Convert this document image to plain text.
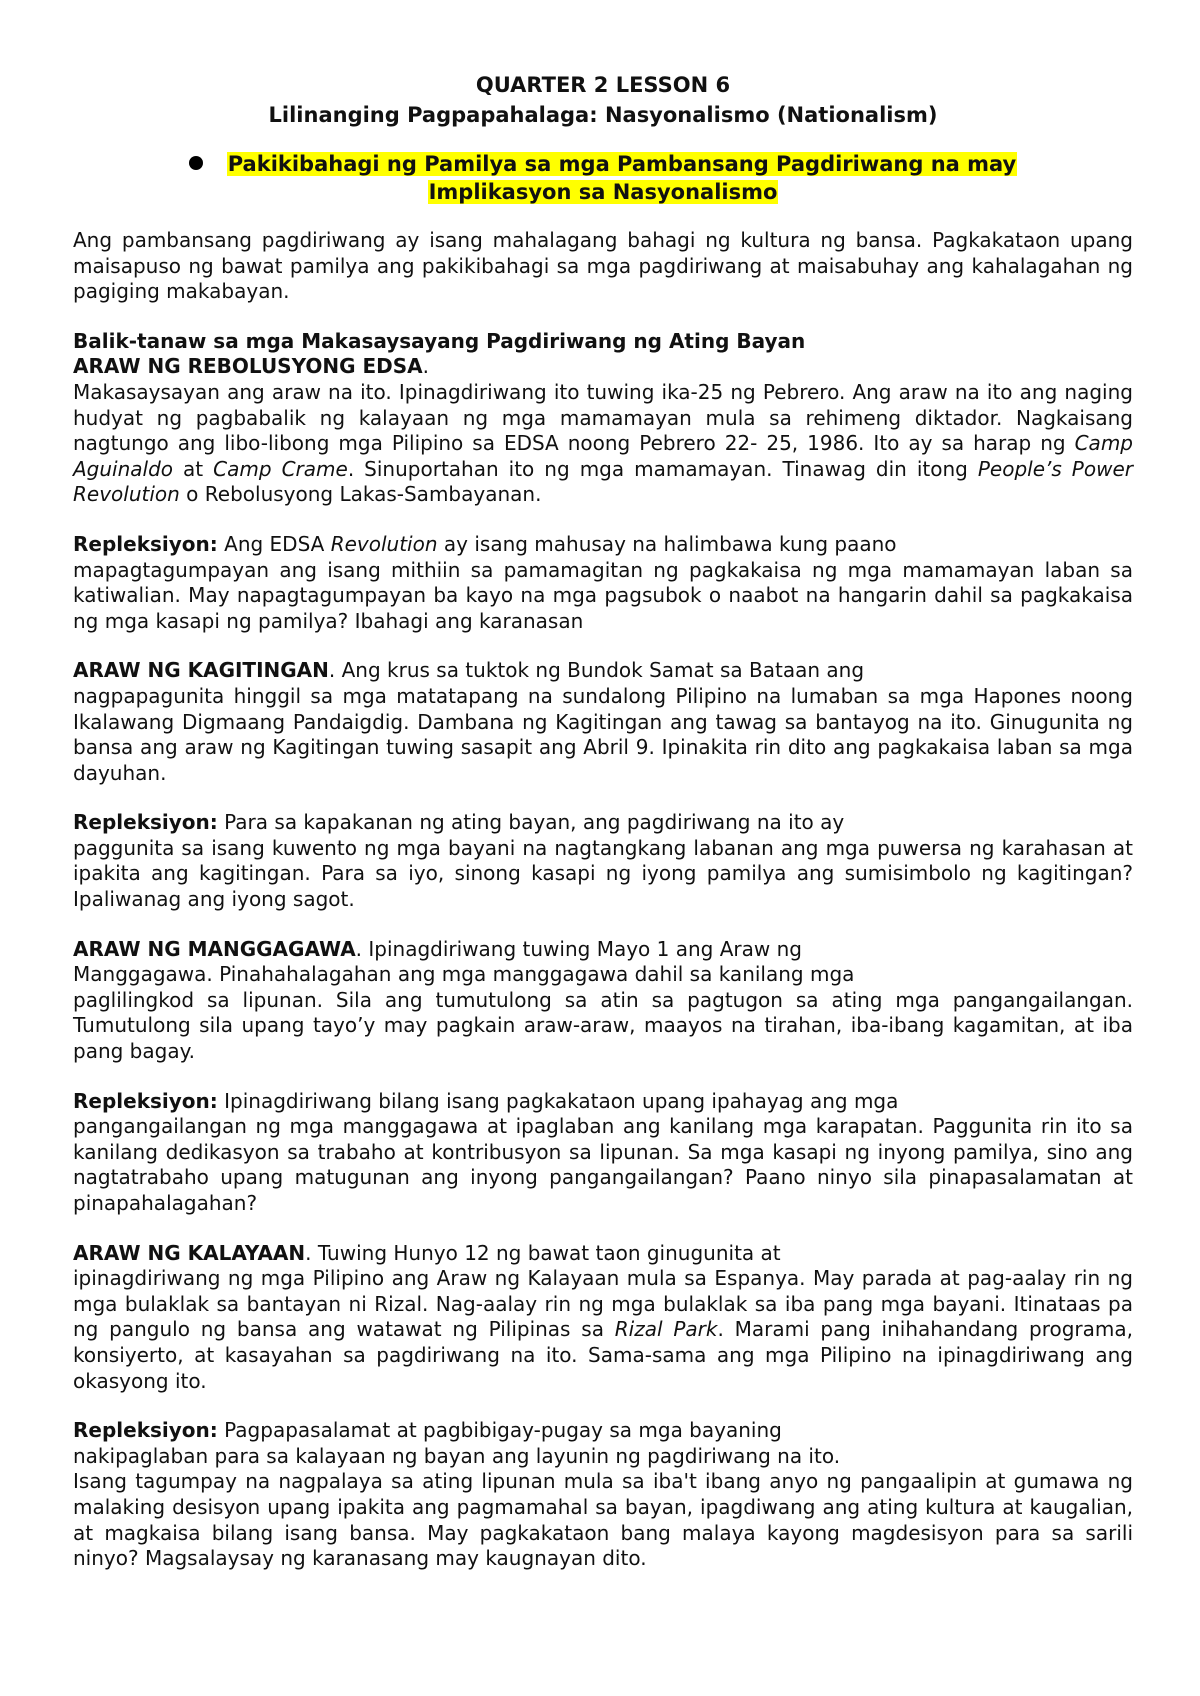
QUARTER 2 LESSON 6
Lilinanging Pagpapahalaga: Nasyonalismo (Nationalism)
Pakikibahagi ng Pamilya sa mga Pambansang Pagdiriwang na may
Implikasyon sa Nasyonalismo

Ang pambansang pagdiriwang ay isang mahalagang bahagi ng kultura ng bansa. Pagkakataon upang maisapuso ng bawat pamilya ang pakikibahagi sa mga pagdiriwang at maisabuhay ang kahalagahan ng pagiging makabayan.

Balik-tanaw sa mga Makasaysayang Pagdiriwang ng Ating Bayan

ARAW NG REBOLUSYONG EDSA.

Makasaysayan ang araw na ito. Ipinagdiriwang ito tuwing ika-25 ng Pebrero. Ang araw na ito ang naging hudyat ng pagbabalik ng kalayaan ng mga mamamayan mula sa rehimeng diktador. Nagkaisang nagtungo ang libo-libong mga Pilipino sa EDSA noong Pebrero 22- 25, 1986. Ito ay sa harap ng Camp Aguinaldo at Camp Crame. Sinuportahan ito ng mga mamamayan. Tinawag din itong People’s Power Revolution o Rebolusyong Lakas-Sambayanan.

Repleksiyon: Ang EDSA Revolution ay isang mahusay na halimbawa kung paano

mapagtagumpayan ang isang mithiin sa pamamagitan ng pagkakaisa ng mga mamamayan laban sa katiwalian. May napagtagumpayan ba kayo na mga pagsubok o naabot na hangarin dahil sa pagkakaisa ng mga kasapi ng pamilya? Ibahagi ang karanasan

ARAW NG KAGITINGAN. Ang krus sa tuktok ng Bundok Samat sa Bataan ang

nagpapagunita hinggil sa mga matatapang na sundalong Pilipino na lumaban sa mga Hapones noong Ikalawang Digmaang Pandaigdig. Dambana ng Kagitingan ang tawag sa bantayog na ito. Ginugunita ng bansa ang araw ng Kagitingan tuwing sasapit ang Abril 9. Ipinakita rin dito ang pagkakaisa laban sa mga dayuhan.

Repleksiyon: Para sa kapakanan ng ating bayan, ang pagdiriwang na ito ay

paggunita sa isang kuwento ng mga bayani na nagtangkang labanan ang mga puwersa ng karahasan at ipakita ang kagitingan. Para sa iyo, sinong kasapi ng iyong pamilya ang sumisimbolo ng kagitingan? Ipaliwanag ang iyong sagot.

ARAW NG MANGGAGAWA. Ipinagdiriwang tuwing Mayo 1 ang Araw ng

Manggagawa. Pinahahalagahan ang mga manggagawa dahil sa kanilang mga

paglilingkod sa lipunan. Sila ang tumutulong sa atin sa pagtugon sa ating mga pangangailangan. Tumutulong sila upang tayo’y may pagkain araw-araw, maayos na tirahan, iba-ibang kagamitan, at iba pang bagay.

Repleksiyon: Ipinagdiriwang bilang isang pagkakataon upang ipahayag ang mga

pangangailangan ng mga manggagawa at ipaglaban ang kanilang mga karapatan. Paggunita rin ito sa kanilang dedikasyon sa trabaho at kontribusyon sa lipunan. Sa mga kasapi ng inyong pamilya, sino ang nagtatrabaho upang matugunan ang inyong pangangailangan? Paano ninyo sila pinapasalamatan at pinapahalagahan?

ARAW NG KALAYAAN. Tuwing Hunyo 12 ng bawat taon ginugunita at

ipinagdiriwang ng mga Pilipino ang Araw ng Kalayaan mula sa Espanya. May parada at pag-aalay rin ng mga bulaklak sa bantayan ni Rizal. Nag-aalay rin ng mga bulaklak sa iba pang mga bayani. Itinataas pa ng pangulo ng bansa ang watawat ng Pilipinas sa Rizal Park. Marami pang inihahandang programa, konsiyerto, at kasayahan sa pagdiriwang na ito. Sama-sama ang mga Pilipino na ipinagdiriwang ang okasyong ito.

Repleksiyon: Pagpapasalamat at pagbibigay-pugay sa mga bayaning

nakipaglaban para sa kalayaan ng bayan ang layunin ng pagdiriwang na ito.

Isang tagumpay na nagpalaya sa ating lipunan mula sa iba't ibang anyo ng pangaalipin at gumawa ng malaking desisyon upang ipakita ang pagmamahal sa bayan, ipagdiwang ang ating kultura at kaugalian, at magkaisa bilang isang bansa. May pagkakataon bang malaya kayong magdesisyon para sa sarili ninyo? Magsalaysay ng karanasang may kaugnayan dito.
